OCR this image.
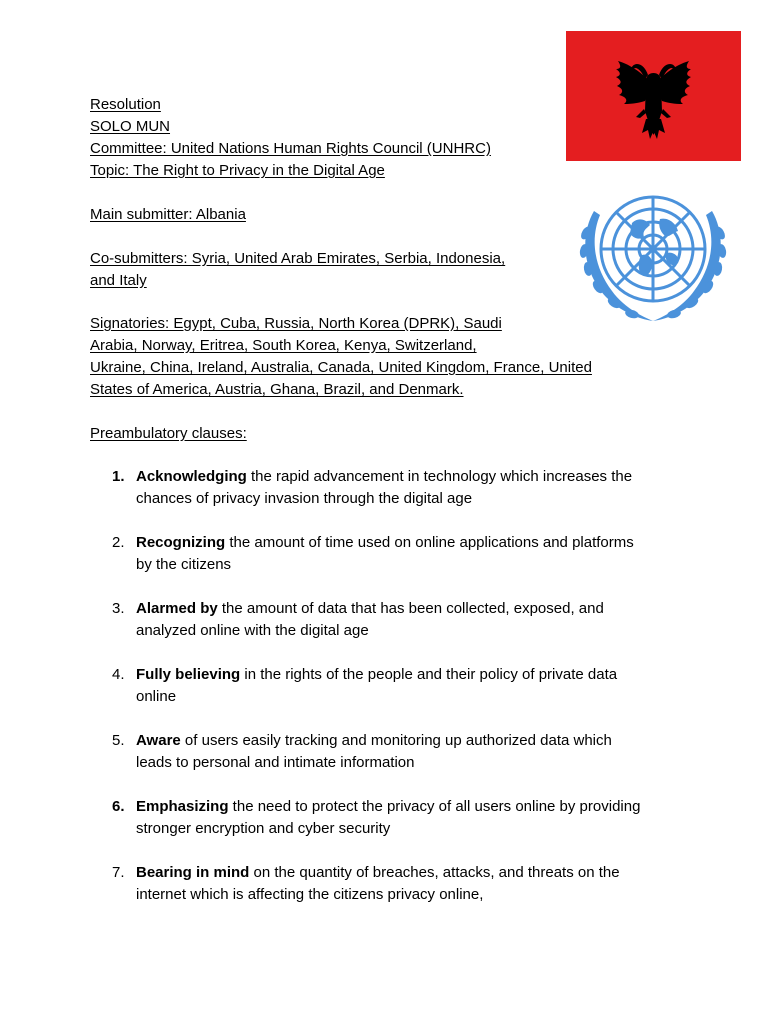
Resolution
SOLO MUN
Committee: United Nations Human Rights Council (UNHRC)
Topic: The Right to Privacy in the Digital Age
Main submitter: Albania
Co-submitters: Syria, United Arab Emirates, Serbia, Indonesia,
and Italy
Signatories: Egypt, Cuba, Russia, North Korea (DPRK), Saudi
Arabia, Norway, Eritrea, South Korea, Kenya, Switzerland,
Ukraine, China, Ireland, Australia, Canada, United Kingdom, France, United
States of America, Austria, Ghana, Brazil, and Denmark.
Preambulatory clauses:
1. Acknowledging the rapid advancement in technology which increases the
chances of privacy invasion through the digital age
2. Recognizing the amount of time used on online applications and platforms
by the citizens
3. Alarmed by the amount of data that has been collected, exposed, and
analyzed online with the digital age
4. Fully believing in the rights of the people and their policy of private data
online
5. Aware of users easily tracking and monitoring up authorized data which
leads to personal and intimate information
6. Emphasizing the need to protect the privacy of all users online by providing
stronger encryption and cyber security
7. Bearing in mind on the quantity of breaches, attacks, and threats on the
internet which is affecting the citizens privacy online,
